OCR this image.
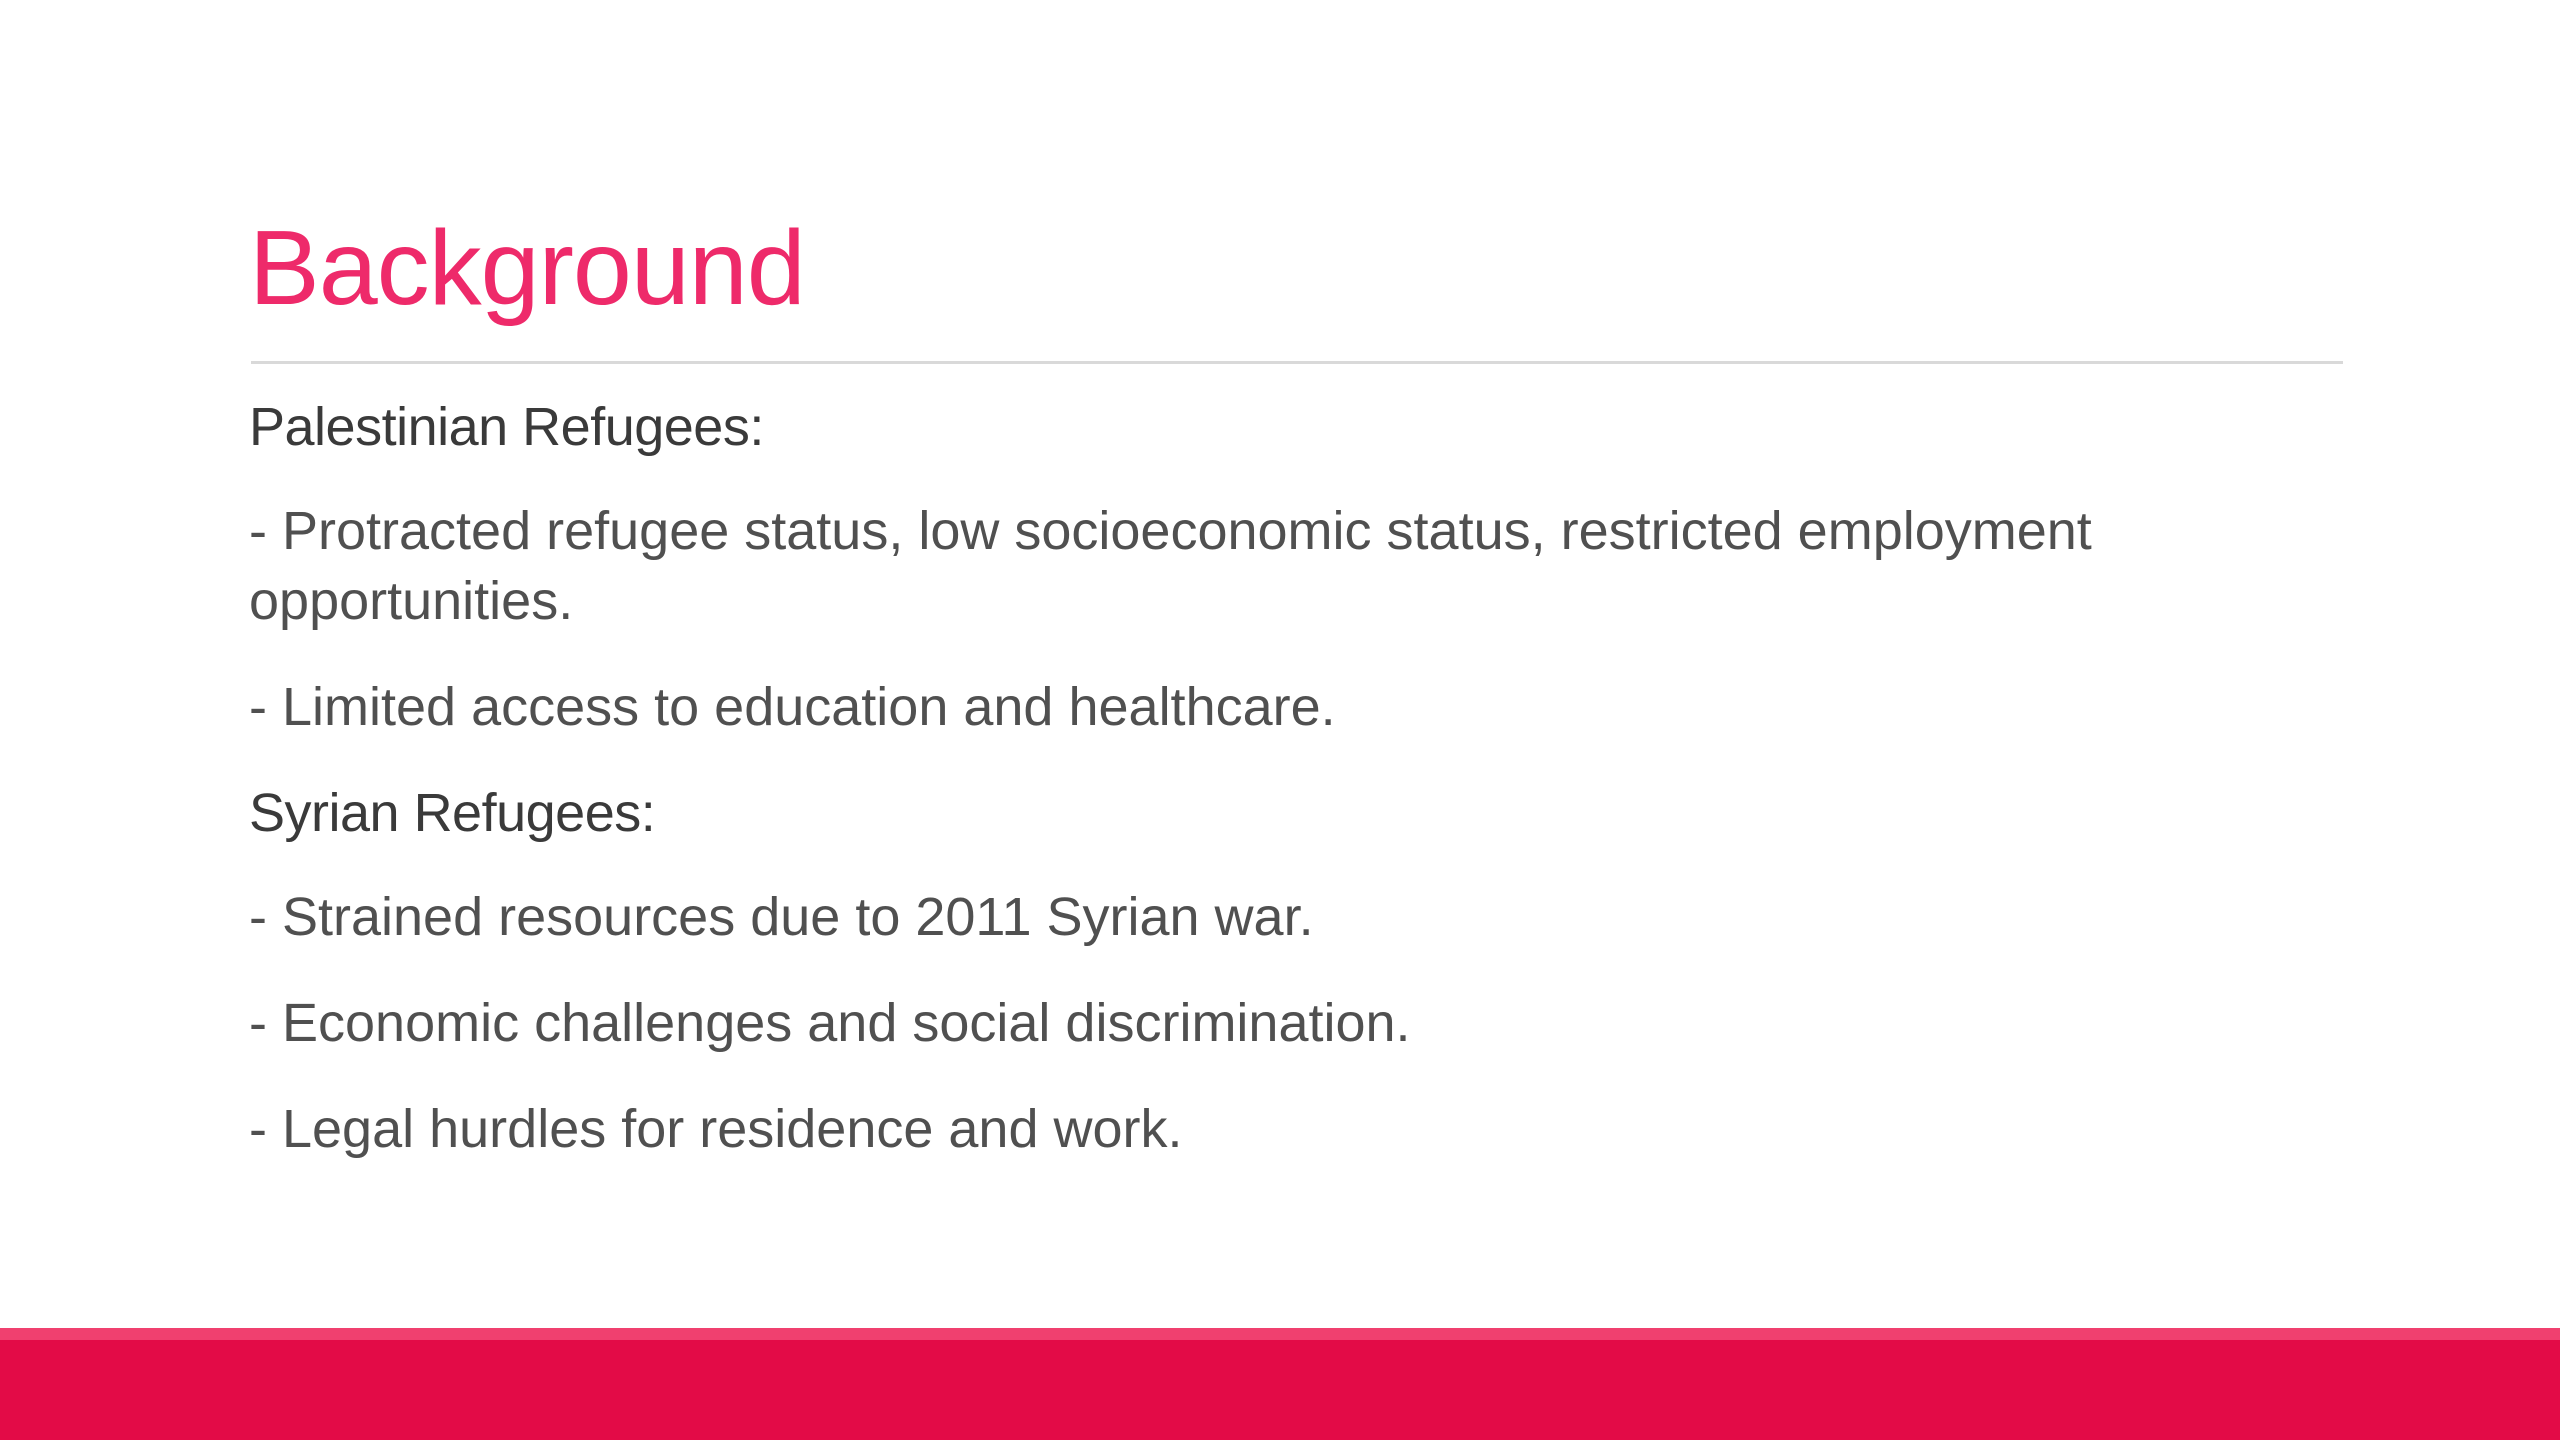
Background

Palestinian Refugees:

- Protracted refugee status, low socioeconomic status, restricted employment opportunities.

- Limited access to education and healthcare.

Syrian Refugees:

- Strained resources due to 2011 Syrian war.

- Economic challenges and social discrimination.

- Legal hurdles for residence and work.
